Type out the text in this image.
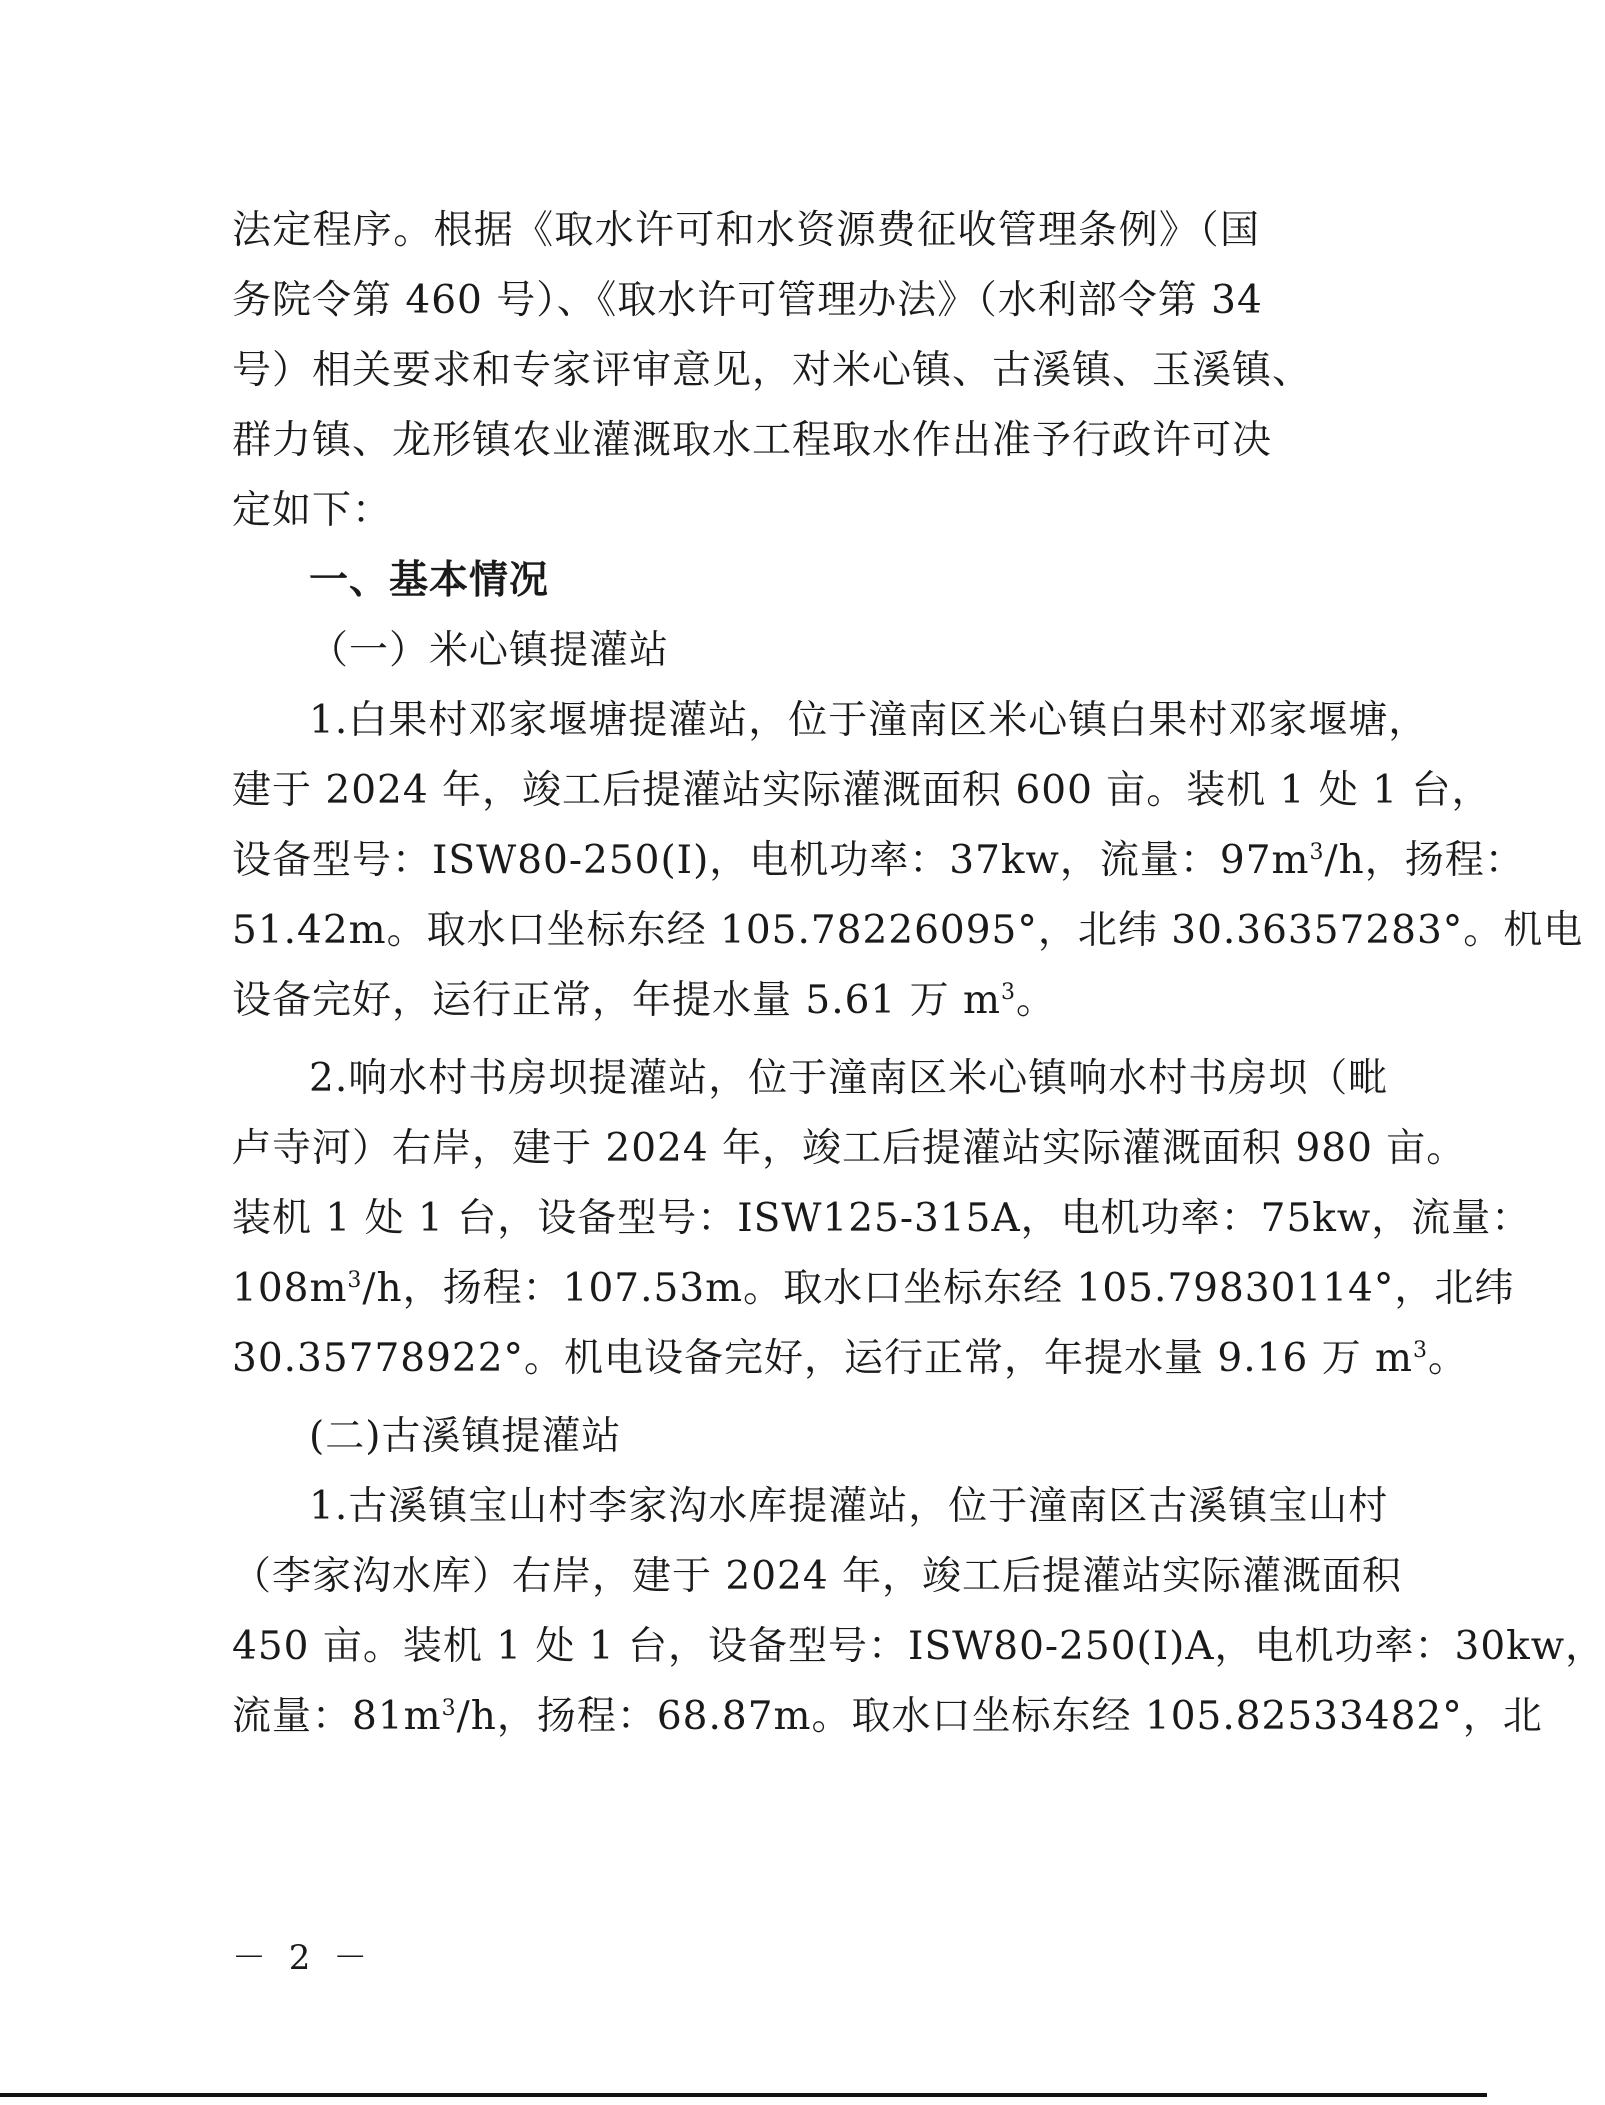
法定程序。根据《取水许可和水资源费征收管理条例》（国
务院令第 460 号）、《取水许可管理办法》（水利部令第 34
号）相关要求和专家评审意见，对米心镇、古溪镇、玉溪镇、
群力镇、龙形镇农业灌溉取水工程取水作出准予行政许可决
定如下：
一、基本情况
（一）米心镇提灌站
1.白果村邓家堰塘提灌站，位于潼南区米心镇白果村邓家堰塘，
建于 2024 年，竣工后提灌站实际灌溉面积 600 亩。装机 1 处 1 台，
设备型号：ISW80-250(I)，电机功率：37kw，流量：$97m^3/h$，扬程：
51.42m。取水口坐标东经 105.78226095°，北纬 30.36357283°。机电
设备完好，运行正常，年提水量 5.61 万 $m^3$。
2.响水村书房坝提灌站，位于潼南区米心镇响水村书房坝（毗
卢寺河）右岸，建于 2024 年，竣工后提灌站实际灌溉面积 980 亩。
装机 1 处 1 台，设备型号：ISW125-315A，电机功率：75kw，流量：
$108m^3/h$，扬程：107.53m。取水口坐标东经 105.79830114°，北纬
30.35778922°。机电设备完好，运行正常，年提水量 9.16 万 $m^3$。
(二)古溪镇提灌站
1.古溪镇宝山村李家沟水库提灌站，位于潼南区古溪镇宝山村
（李家沟水库）右岸，建于 2024 年，竣工后提灌站实际灌溉面积
450 亩。装机 1 处 1 台，设备型号：ISW80-250(I)A，电机功率：30kw，
流量：$81m^3/h$，扬程：68.87m。取水口坐标东经 105.82533482°，北
－ 2 －
